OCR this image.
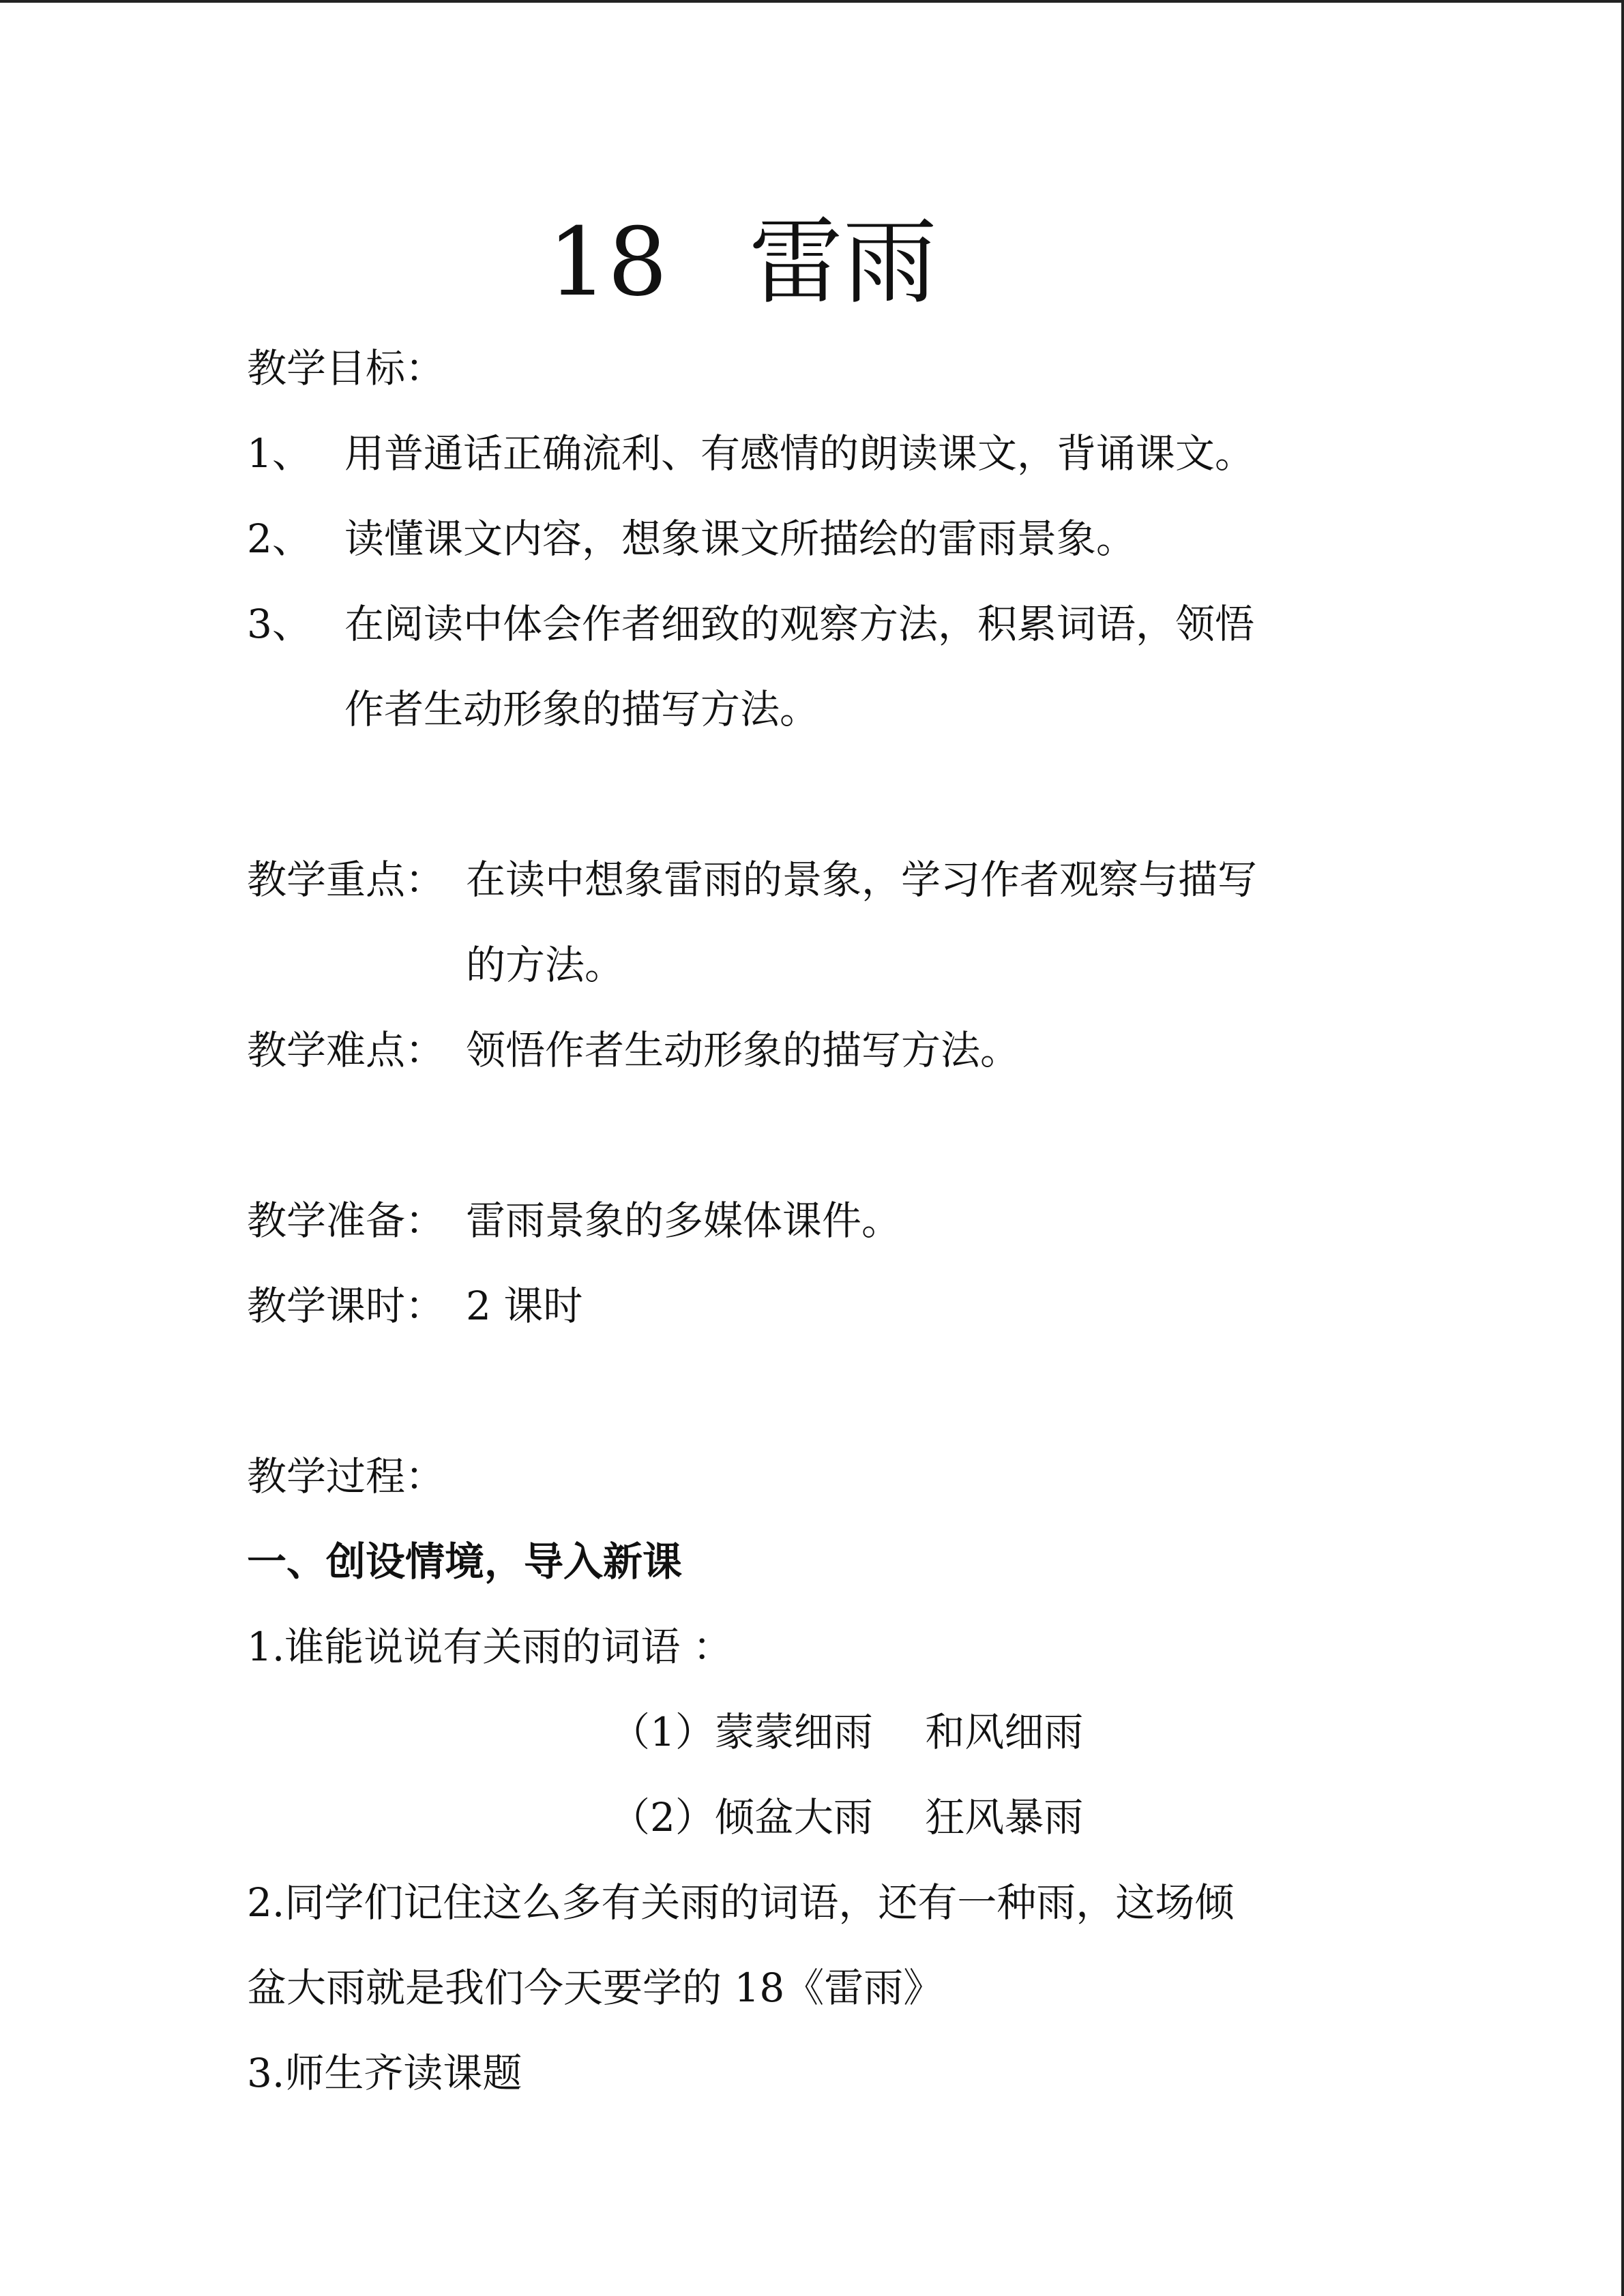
18 雷雨
教学目标：
1、 用普通话正确流利、有感情的朗读课文，背诵课文。
2、 读懂课文内容，想象课文所描绘的雷雨景象。
3、 在阅读中体会作者细致的观察方法，积累词语，领悟
作者生动形象的描写方法。
教学重点： 在读中想象雷雨的景象，学习作者观察与描写
的方法。
教学难点： 领悟作者生动形象的描写方法。
教学准备： 雷雨景象的多媒体课件。
教学课时： 2 课时
教学过程：
一、创设情境，导入新课
1.谁能说说有关雨的词语 ：
（1）蒙蒙细雨　 和风细雨
（2）倾盆大雨　 狂风暴雨
2.同学们记住这么多有关雨的词语，还有一种雨，这场倾
盆大雨就是我们今天要学的 18《雷雨》
3.师生齐读课题
